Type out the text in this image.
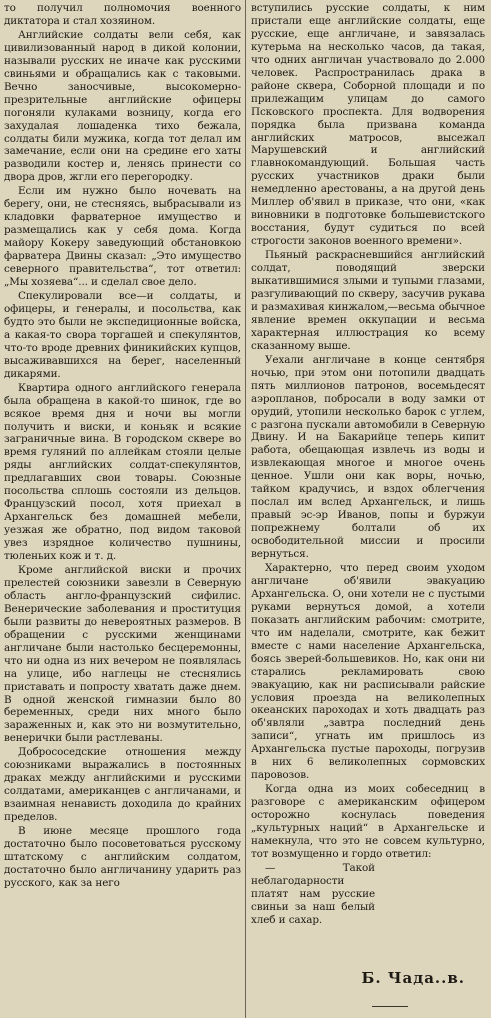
то получил полномочия военного диктатора и стал хозяином.

Английские солдаты вели себя, как цивилизованный народ в дикой колонии, называли русских не иначе как русскими свиньями и обращались как с таковыми. Вечно заносчивые, высокомерно-презрительные английские офицеры погоняли кулаками возницу, когда его захудалая лошаденка тихо бежала, солдаты били мужика, когда тот делал им замечание, если они на средине его хаты разводили костер и, ленясь принести со двора дров, жгли его перегородку.

Если им нужно было ночевать на берегу, они, не стесняясь, выбрасывали из кладовки фарватерное имущество и размещались как у себя дома. Когда майору Кокеру заведующий обстановкою фарватера Двины сказал: „Это имущество северного правительства“, тот ответил: „Мы хозяева“... и сделал свое дело.

Спекулировали все—и солдаты, и офицеры, и генералы, и посольства, как будто это были не экспедиционные войска, а какая-то свора торгашей и спекулянтов, что-то вроде древних финикийских купцов, высаживавшихся на берег, населенный дикарями.

Квартира одного английского генерала была обращена в какой-то шинок, где во всякое время дня и ночи вы могли получить и виски, и коньяк и всякие заграничные вина. В городском сквере во время гуляний по аллейкам стояли целые ряды английских солдат-спекулянтов, предлагавших свои товары. Союзные посольства сплошь состояли из дельцов. Французский посол, хотя приехал в Архангельск без домашней мебели, уезжая же обратно, под видом таковой увез изрядное количество пушнины, тюленьих кож и т. д.

Кроме английской виски и прочих прелестей союзники завезли в Северную область англо-французский сифилис. Венерические заболевания и проституция были развиты до невероятных размеров. В обращении с русскими женщинами англичане были настолько бесцеремонны, что ни одна из них вечером не появлялась на улице, ибо наглецы не стеснялись приставать и попросту хватать даже днем. В одной женской гимназии было 80 беременных, среди них много было зараженных и, как это ни возмутительно, венерички были растлеваны.

Добрососедские отношения между союзниками выражались в постоянных драках между английскими и русскими солдатами, американцев с англичанами, и взаимная ненависть доходила до крайних пределов.

В июне месяце прошлого года достаточно было посоветоваться русскому штатскому с английским солдатом, достаточно было англичанину ударить раз русского, как за него

вступились русские солдаты, к ним пристали еще английские солдаты, еще русские, еще англичане, и завязалась кутерьма на несколько часов, да такая, что одних англичан участвовало до 2.000 человек. Распространилась драка в районе сквера, Соборной площади и по прилежащим улицам до самого Псковского проспекта. Для водворения порядка была призвана команда английских матросов, высежал Марушевский и английский главнокомандующий. Большая часть русских участников драки были немедленно арестованы, а на другой день Миллер об'явил в приказе, что они, «как виновники в подготовке большевистского восстания, будут судиться по всей строгости законов военного времени».

Пьяный раскрасневшийся английский солдат, поводящий зверски выкатившимися злыми и тупыми глазами, разгуливающий по скверу, засучив рукава и размахивая кинжалом,—весьма обычное явление времен оккупации и весьма характерная иллюстрация ко всему сказанному выше.

Уехали англичане в конце сентября ночью, при этом они потопили двадцать пять миллионов патронов, восемьдесят аэропланов, побросали в воду замки от орудий, утопили несколько барок с углем, с разгона пускали автомобили в Северную Двину. И на Бакарийце теперь кипит работа, обещающая извлечь из воды и извлекающая многое и многое очень ценное. Ушли они как воры, ночью, тайком крадучись, и вздох облегчения послал им вслед Архангельск, и лишь правый эс-эр Иванов, попы и буржуи попрежнему болтали об их освободительной миссии и просили вернуться.

Характерно, что перед своим уходом англичане об'явили эвакуацию Архангельска. О, они хотели не с пустыми руками вернуться домой, а хотели показать английским рабочим: смотрите, что им наделали, смотрите, как бежит вместе с нами население Архангельска, боясь зверей-большевиков. Но, как они ни старались рекламировать свою эвакуацию, как ни расписывали райские условия проезда на великолепных океанских пароходах и хоть двадцать раз об'являли „завтра последний день записи“, угнать им пришлось из Архангельска пустые пароходы, погрузив в них 6 великолепных сормовских паровозов.

Когда одна из моих собеседниц в разговоре с американским офицером осторожно коснулась поведения „культурных наций“ в Архангельске и намекнула, что это не совсем культурно, тот возмущенно и гордо ответил:

— Такой неблагодарности платят нам русские свиньи за наш белый хлеб и сахар.

Б. Чада..в.
